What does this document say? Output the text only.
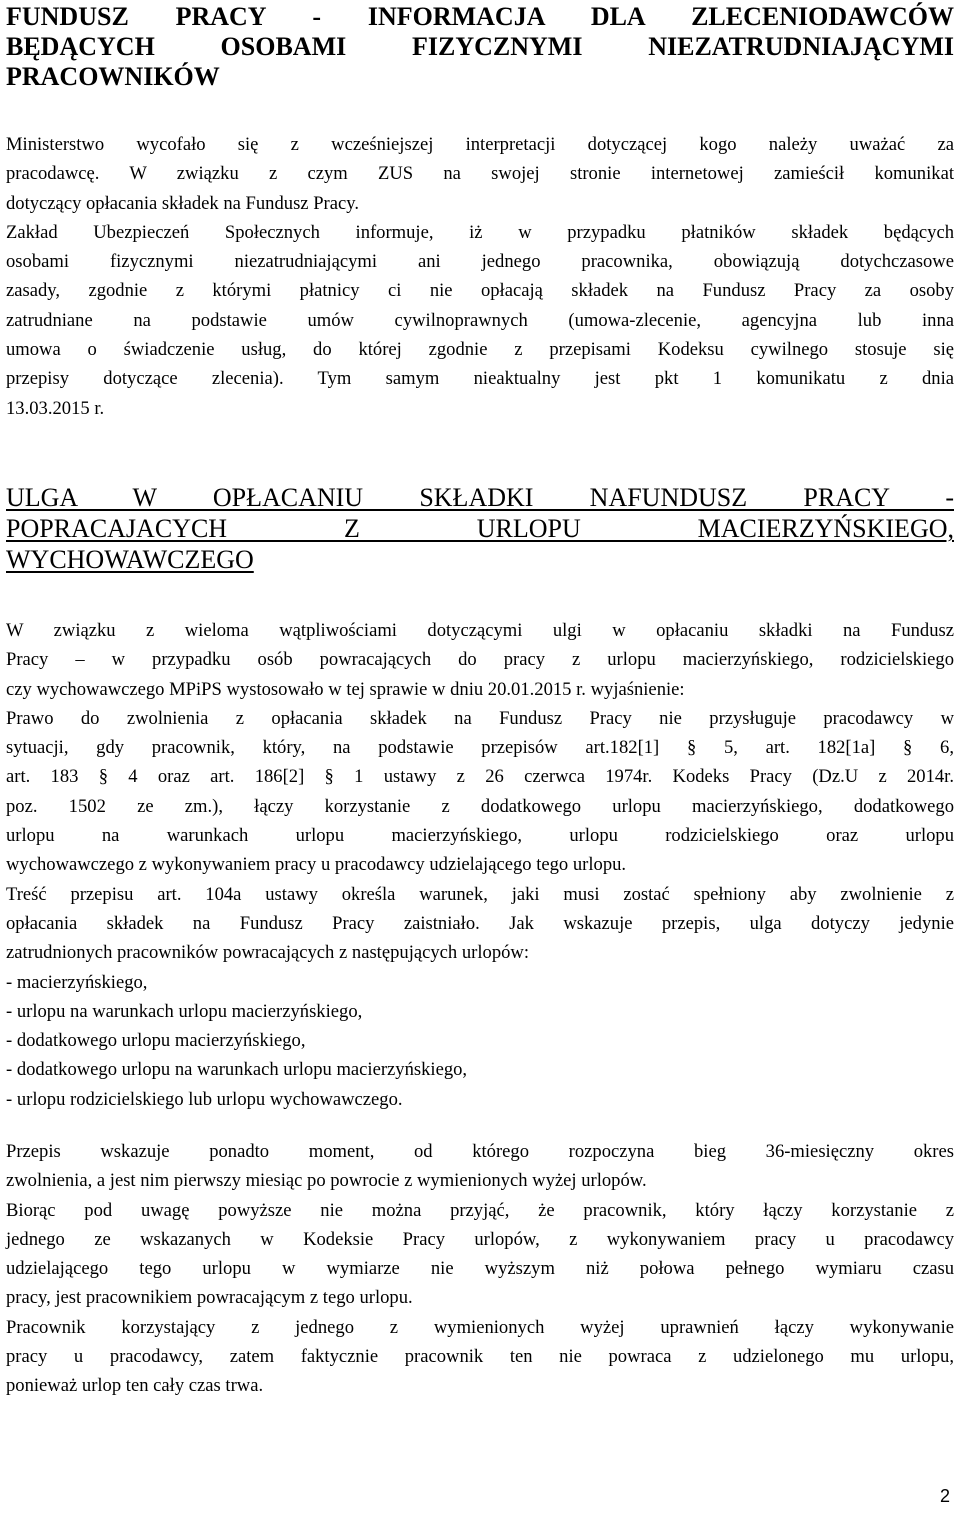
FUNDUSZ PRACY - INFORMACJA DLA ZLECENIODAWCÓW
BĘDĄCYCH OSOBAMI FIZYCZNYMI NIEZATRUDNIAJĄCYMI
PRACOWNIKÓW
Ministerstwo wycofało się z wcześniejszej interpretacji dotyczącej kogo należy uważać za
pracodawcę. W związku z czym ZUS na swojej stronie internetowej zamieścił komunikat
dotyczący opłacania składek na Fundusz Pracy.
Zakład Ubezpieczeń Społecznych informuje, iż w przypadku płatników składek będących
osobami fizycznymi niezatrudniającymi ani jednego pracownika, obowiązują dotychczasowe
zasady, zgodnie z którymi płatnicy ci nie opłacają składek na Fundusz Pracy za osoby
zatrudniane na podstawie umów cywilnoprawnych (umowa-zlecenie, agencyjna lub inna
umowa o świadczenie usług, do której zgodnie z przepisami Kodeksu cywilnego stosuje się
przepisy dotyczące zlecenia). Tym samym nieaktualny jest pkt 1 komunikatu z dnia
13.03.2015 r.
ULGA W OPŁACANIU SKŁADKI NAFUNDUSZ PRACY -
POPRACAJACYCH Z URLOPU MACIERZYŃSKIEGO,
WYCHOWAWCZEGO
W związku z wieloma wątpliwościami dotyczącymi ulgi w opłacaniu składki na Fundusz
Pracy – w przypadku osób powracających do pracy z urlopu macierzyńskiego, rodzicielskiego
czy wychowawczego MPiPS wystosowało w tej sprawie w dniu 20.01.2015 r. wyjaśnienie:
Prawo do zwolnienia z opłacania składek na Fundusz Pracy nie przysługuje pracodawcy w
sytuacji, gdy pracownik, który, na podstawie przepisów art.182[1] § 5, art. 182[1a] § 6,
art. 183 § 4 oraz art. 186[2] § 1 ustawy z 26 czerwca 1974r. Kodeks Pracy (Dz.U z 2014r.
poz. 1502 ze zm.), łączy korzystanie z dodatkowego urlopu macierzyńskiego, dodatkowego
urlopu na warunkach urlopu macierzyńskiego, urlopu rodzicielskiego oraz urlopu
wychowawczego z wykonywaniem pracy u pracodawcy udzielającego tego urlopu.
Treść przepisu art. 104a ustawy określa warunek, jaki musi zostać spełniony aby zwolnienie z
opłacania składek na Fundusz Pracy zaistniało. Jak wskazuje przepis, ulga dotyczy jedynie
zatrudnionych pracowników powracających z następujących urlopów:
- macierzyńskiego,
- urlopu na warunkach urlopu macierzyńskiego,
- dodatkowego urlopu macierzyńskiego,
- dodatkowego urlopu na warunkach urlopu macierzyńskiego,
- urlopu rodzicielskiego lub urlopu wychowawczego.
Przepis wskazuje ponadto moment, od którego rozpoczyna bieg 36-miesięczny okres
zwolnienia, a jest nim pierwszy miesiąc po powrocie z wymienionych wyżej urlopów.
Biorąc pod uwagę powyższe nie można przyjąć, że pracownik, który łączy korzystanie z
jednego ze wskazanych w Kodeksie Pracy urlopów, z wykonywaniem pracy u pracodawcy
udzielającego tego urlopu w wymiarze nie wyższym niż połowa pełnego wymiaru czasu
pracy, jest pracownikiem powracającym z tego urlopu.
Pracownik korzystający z jednego z wymienionych wyżej uprawnień łączy wykonywanie
pracy u pracodawcy, zatem faktycznie pracownik ten nie powraca z udzielonego mu urlopu,
ponieważ urlop ten cały czas trwa.
2
